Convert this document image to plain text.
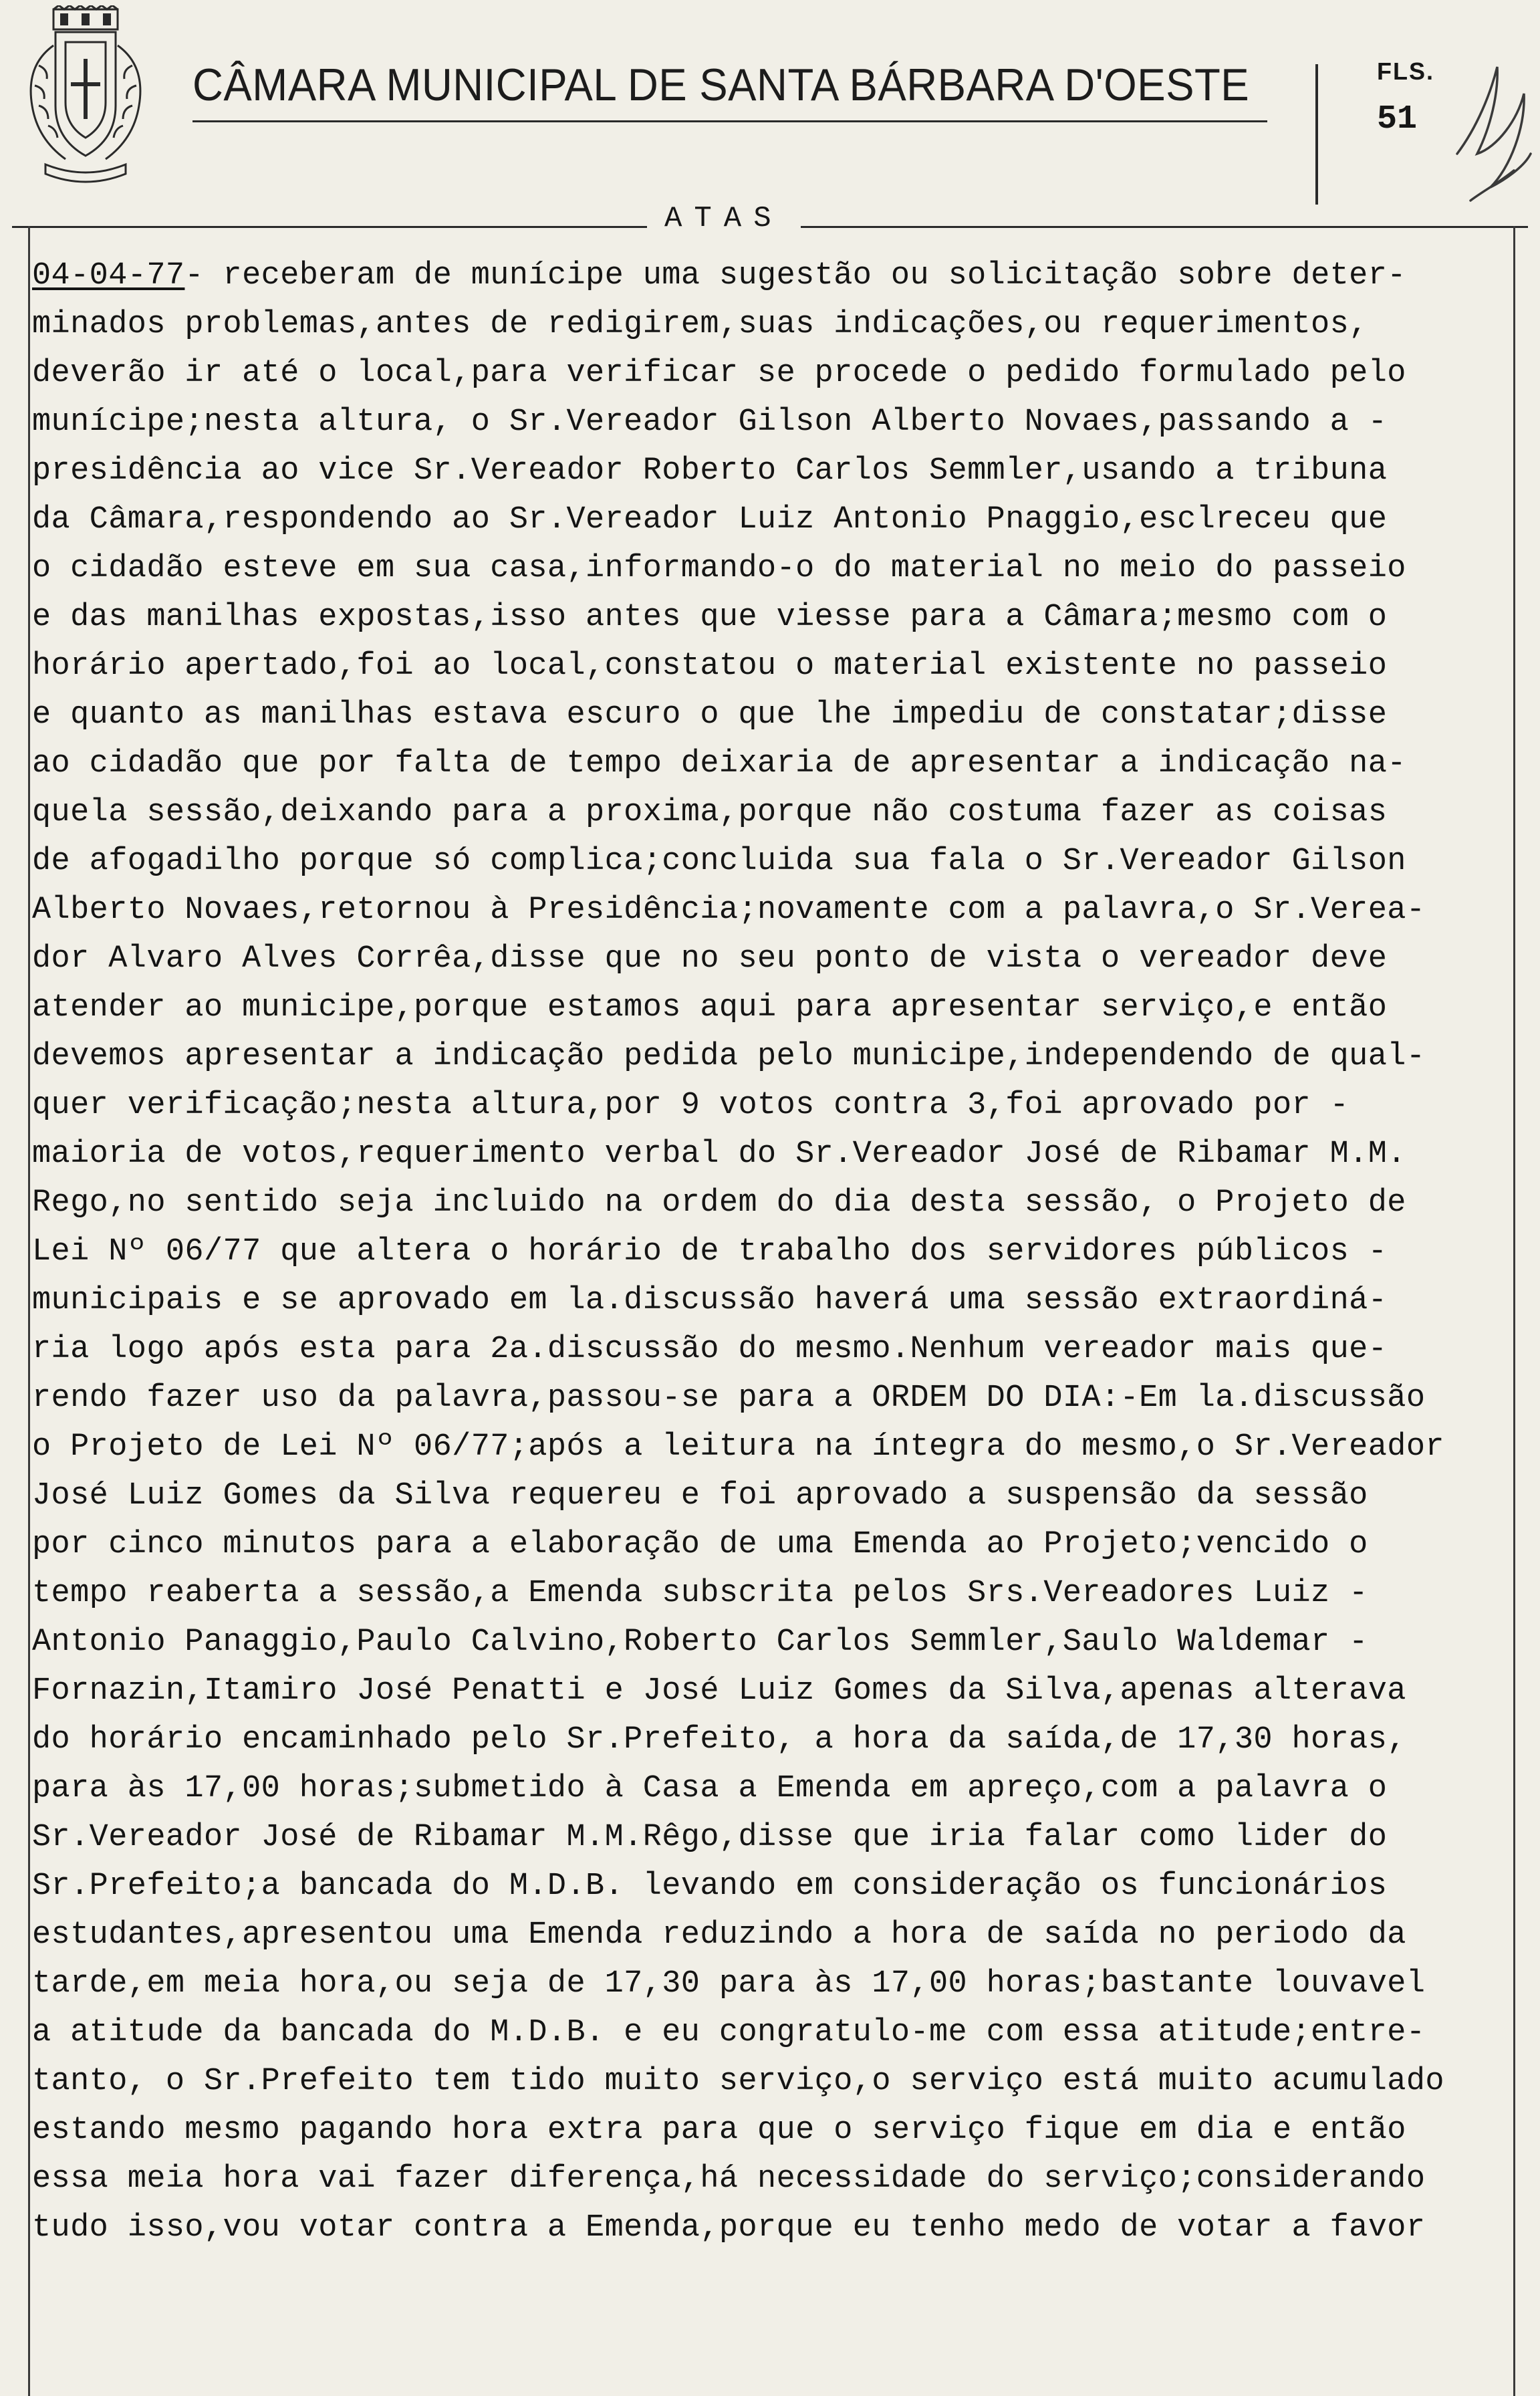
CÂMARA MUNICIPAL DE SANTA BÁRBARA D'OESTE	FLS.
51
ATAS
04-04-77- receberam de munícipe uma sugestão ou solicitação sobre deter-
minados problemas,antes de redigirem,suas indicações,ou requerimentos,
deverão ir até o local,para verificar se procede o pedido formulado pelo
munícipe;nesta altura, o Sr.Vereador Gilson Alberto Novaes,passando a -
presidência ao vice Sr.Vereador Roberto Carlos Semmler,usando a tribuna
da Câmara,respondendo ao Sr.Vereador Luiz Antonio Pnaggio,esclreceu que
o cidadão esteve em sua casa,informando-o do material no meio do passeio
e das manilhas expostas,isso antes que viesse para a Câmara;mesmo com o
horário apertado,foi ao local,constatou o material existente no passeio
e quanto as manilhas estava escuro o que lhe impediu de constatar;disse
ao cidadão que por falta de tempo deixaria de apresentar a indicação na-
quela sessão,deixando para a proxima,porque não costuma fazer as coisas
de afogadilho porque só complica;concluida sua fala o Sr.Vereador Gilson
Alberto Novaes,retornou à Presidência;novamente com a palavra,o Sr.Verea-
dor Alvaro Alves Corrêa,disse que no seu ponto de vista o vereador deve
atender ao municipe,porque estamos aqui para apresentar serviço,e então
devemos apresentar a indicação pedida pelo municipe,independendo de qual-
quer verificação;nesta altura,por 9 votos contra 3,foi aprovado por -
maioria de votos,requerimento verbal do Sr.Vereador José de Ribamar M.M.
Rego,no sentido seja incluido na ordem do dia desta sessão, o Projeto de
Lei Nº 06/77 que altera o horário de trabalho dos servidores públicos -
municipais e se aprovado em la.discussão haverá uma sessão extraordiná-
ria logo após esta para 2a.discussão do mesmo.Nenhum vereador mais que-
rendo fazer uso da palavra,passou-se para a ORDEM DO DIA:-Em la.discussão
o Projeto de Lei Nº 06/77;após a leitura na íntegra do mesmo,o Sr.Vereador
José Luiz Gomes da Silva requereu e foi aprovado a suspensão da sessão
por cinco minutos para a elaboração de uma Emenda ao Projeto;vencido o
tempo reaberta a sessão,a Emenda subscrita pelos Srs.Vereadores Luiz -
Antonio Panaggio,Paulo Calvino,Roberto Carlos Semmler,Saulo Waldemar -
Fornazin,Itamiro José Penatti e José Luiz Gomes da Silva,apenas alterava
do horário encaminhado pelo Sr.Prefeito, a hora da saída,de 17,30 horas,
para às 17,00 horas;submetido à Casa a Emenda em apreço,com a palavra o
Sr.Vereador José de Ribamar M.M.Rêgo,disse que iria falar como lider do
Sr.Prefeito;a bancada do M.D.B. levando em consideração os funcionários
estudantes,apresentou uma Emenda reduzindo a hora de saída no periodo da
tarde,em meia hora,ou seja de 17,30 para às 17,00 horas;bastante louvavel
a atitude da bancada do M.D.B. e eu congratulo-me com essa atitude;entre-
tanto, o Sr.Prefeito tem tido muito serviço,o serviço está muito acumulado
estando mesmo pagando hora extra para que o serviço fique em dia e então
essa meia hora vai fazer diferença,há necessidade do serviço;considerando
tudo isso,vou votar contra a Emenda,porque eu tenho medo de votar a favor
